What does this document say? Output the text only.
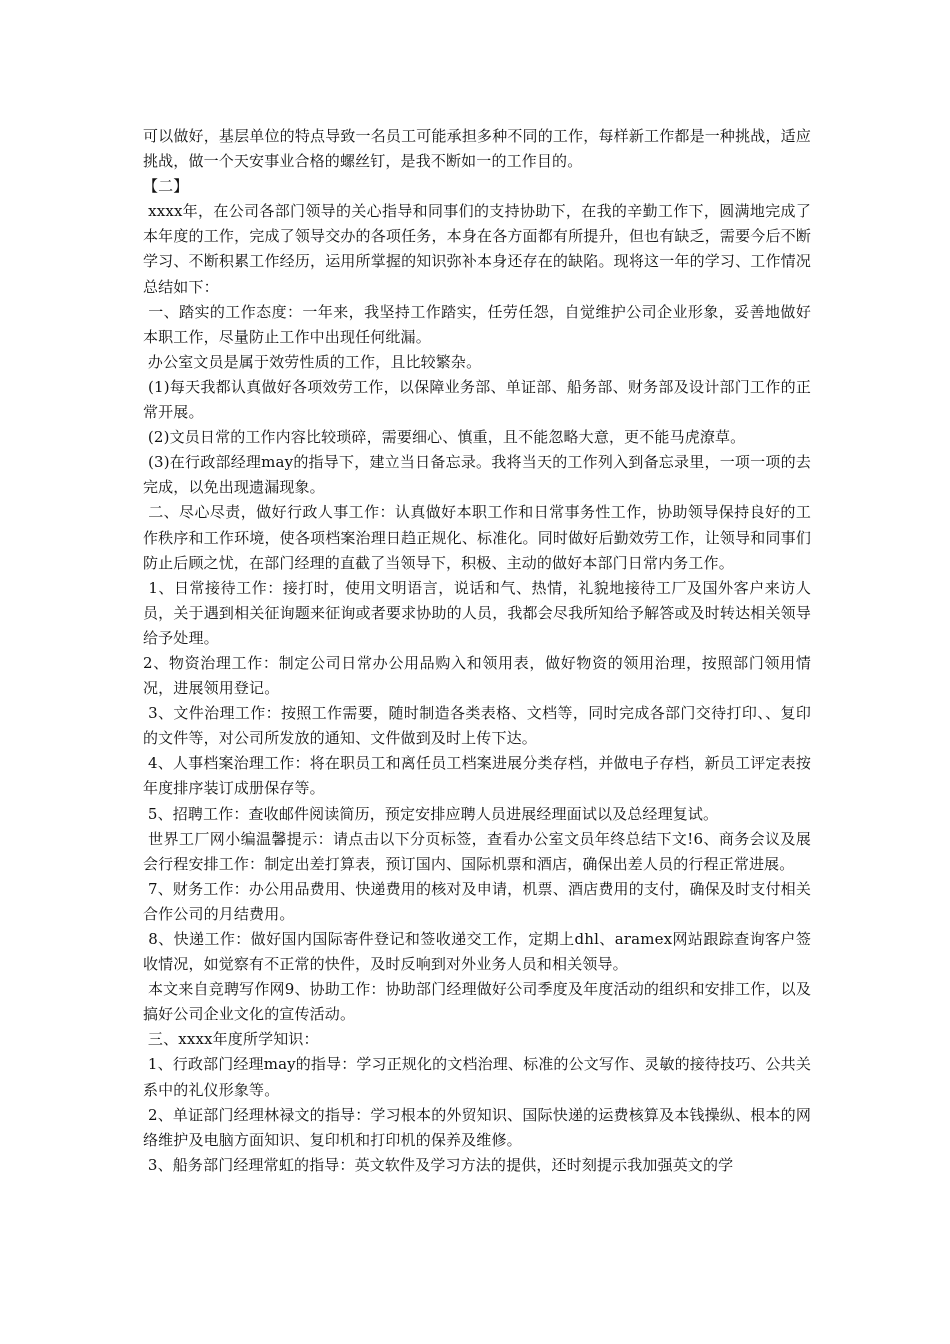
可以做好，基层单位的特点导致一名员工可能承担多种不同的工作，每样新工作都是一种挑战，适应挑战，做一个天安事业合格的螺丝钉，是我不断如一的工作目的。

【二】

xxxx年，在公司各部门领导的关心指导和同事们的支持协助下，在我的辛勤工作下，圆满地完成了本年度的工作，完成了领导交办的各项任务，本身在各方面都有所提升，但也有缺乏，需要今后不断学习、不断积累工作经历，运用所掌握的知识弥补本身还存在的缺陷。现将这一年的学习、工作情况总结如下：

一、踏实的工作态度：一年来，我坚持工作踏实，任劳任怨，自觉维护公司企业形象，妥善地做好本职工作，尽量防止工作中出现任何纰漏。

办公室文员是属于效劳性质的工作，且比较繁杂。

(1)每天我都认真做好各项效劳工作，以保障业务部、单证部、船务部、财务部及设计部门工作的正常开展。

(2)文员日常的工作内容比较琐碎，需要细心、慎重，且不能忽略大意，更不能马虎潦草。

(3)在行政部经理may的指导下，建立当日备忘录。我将当天的工作列入到备忘录里，一项一项的去完成，以免出现遗漏现象。

二、尽心尽责，做好行政人事工作：认真做好本职工作和日常事务性工作，协助领导保持良好的工作秩序和工作环境，使各项档案治理日趋正规化、标准化。同时做好后勤效劳工作，让领导和同事们防止后顾之忧，在部门经理的直截了当领导下，积极、主动的做好本部门日常内务工作。

1、日常接待工作：接打时，使用文明语言，说话和气、热情，礼貌地接待工厂及国外客户来访人员，关于遇到相关征询题来征询或者要求协助的人员，我都会尽我所知给予解答或及时转达相关领导给予处理。

2、物资治理工作：制定公司日常办公用品购入和领用表，做好物资的领用治理，按照部门领用情况，进展领用登记。

3、文件治理工作：按照工作需要，随时制造各类表格、文档等，同时完成各部门交待打印、、复印的文件等，对公司所发放的通知、文件做到及时上传下达。

4、人事档案治理工作：将在职员工和离任员工档案进展分类存档，并做电子存档，新员工评定表按年度排序装订成册保存等。

5、招聘工作：查收邮件阅读简历，预定安排应聘人员进展经理面试以及总经理复试。

世界工厂网小编温馨提示：请点击以下分页标签，查看办公室文员年终总结下文!6、商务会议及展会行程安排工作：制定出差打算表，预订国内、国际机票和酒店，确保出差人员的行程正常进展。

7、财务工作：办公用品费用、快递费用的核对及申请，机票、酒店费用的支付，确保及时支付相关合作公司的月结费用。

8、快递工作：做好国内国际寄件登记和签收递交工作，定期上dhl、aramex网站跟踪查询客户签收情况，如觉察有不正常的快件，及时反响到对外业务人员和相关领导。

本文来自竞聘写作网9、协助工作：协助部门经理做好公司季度及年度活动的组织和安排工作，以及搞好公司企业文化的宣传活动。

三、xxxx年度所学知识：

1、行政部门经理may的指导：学习正规化的文档治理、标准的公文写作、灵敏的接待技巧、公共关系中的礼仪形象等。

2、单证部门经理林禄文的指导：学习根本的外贸知识、国际快递的运费核算及本钱操纵、根本的网络维护及电脑方面知识、复印机和打印机的保养及维修。

3、船务部门经理常虹的指导：英文软件及学习方法的提供，还时刻提示我加强英文的学
